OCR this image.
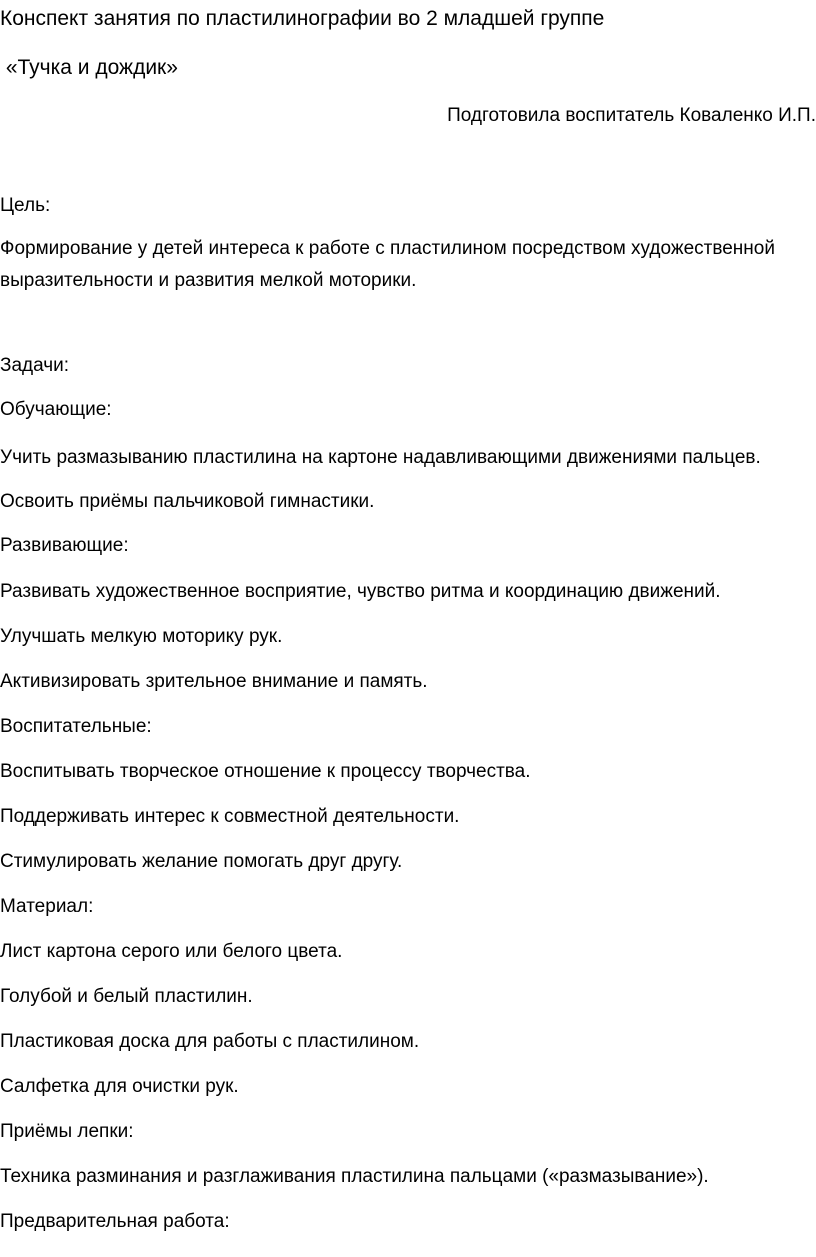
Конспект занятия по пластилинографии во 2 младшей группе
«Тучка и дождик»
Подготовила воспитатель Коваленко И.П.
Цель:
Формирование у детей интереса к работе с пластилином посредством художественной выразительности и развития мелкой моторики.
Задачи:
Обучающие:
Учить размазыванию пластилина на картоне надавливающими движениями пальцев.
Освоить приёмы пальчиковой гимнастики.
Развивающие:
Развивать художественное восприятие, чувство ритма и координацию движений.
Улучшать мелкую моторику рук.
Активизировать зрительное внимание и память.
Воспитательные:
Воспитывать творческое отношение к процессу творчества.
Поддерживать интерес к совместной деятельности.
Стимулировать желание помогать друг другу.
Материал:
Лист картона серого или белого цвета.
Голубой и белый пластилин.
Пластиковая доска для работы с пластилином.
Салфетка для очистки рук.
Приёмы лепки:
Техника разминания и разглаживания пластилина пальцами («размазывание»).
Предварительная работа:
